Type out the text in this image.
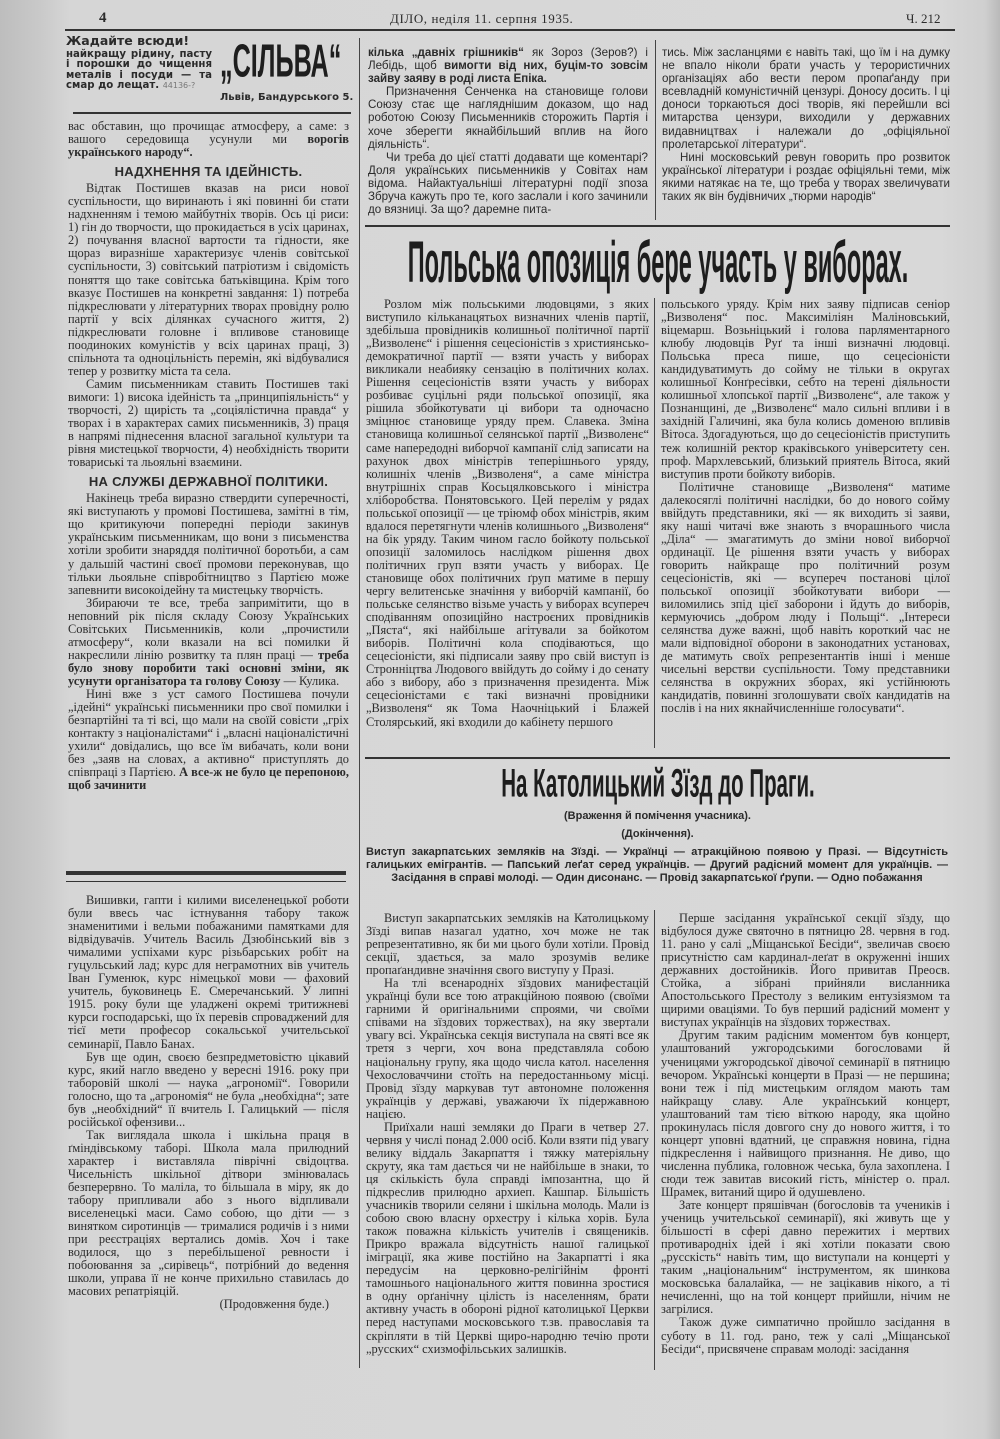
4	ДІЛО, неділя 11. серпня 1935.	Ч. 212
Жадайте всюди!
найкращу рідину, пасту і порошки до чищення металів і посуди — та смар до лещат. 44136-? „СІЛЬВА“
Львів, Бандурського 5.

вас обставин, що прочищає атмосферу, а саме: з вашого середовища усунули ми ворогів українського народу“.

НАДХНЕННЯ ТА ІДЕЙНІСТЬ.

Відтак Постишев вказав на риси нової суспільности, що виринають і які повинні би стати надхненням і темою майбутніх творів. Ось ці риси: 1) гін до творчости, що прокидається в усіх царинах, 2) почування власної вартости та гідности, яке щораз виразніше характеризує членів совітської суспільности, 3) совітський патріотизм і свідомість поняття що таке совітська батьківщина. Крім того вказує Постишев на конкретні завдання: 1) потреба підкреслювати у літературних творах провідну ролю партії у всіх ділянках сучасного життя, 2) підкреслювати головне і впливове становище поодиноких комуністів у всіх царинах праці, 3) спільнота та одноцільність перемін, які відбувалися тепер у розвитку міста та села.

Самим письменникам ставить Постишев такі вимоги: 1) висока ідейність та „принципіяльність“ у творчості, 2) щирість та „соціялістична правда“ у творах і в характерах самих письменників, 3) праця в напрямі піднесення власної загальної культури та рівня мистецької творчости, 4) необхідність творити товариські та льояльні взаємини.

НА СЛУЖБІ ДЕРЖАВНОЇ ПОЛІТИКИ.

Накінець треба виразно ствердити суперечності, які виступають у промові Постишева, замітні в тім, що критикуючи попередні періоди закинув українським письменникам, що вони з письменства хотіли зробити знаряддя політичної боротьби, а сам у дальшій частині своєї промови переконував, що тільки льояльне співробітництво з Партією може запевнити високоідейну та мистецьку творчість.

Збираючи те все, треба запримітити, що в неповний рік після складу Союзу Українських Совітських Письменників, коли „прочистили атмосферу“, коли вказали на всі помилки й накреслили лінію розвитку та плян праці — треба було знову поробити такі основні зміни, як усунути організатора та голову Союзу — Кулика.

Нині вже з уст самого Постишева почули „ідейні“ українські письменники про свої помилки і безпартійні та ті всі, що мали на своїй совісти „гріх контакту з націоналістами“ і „власні націоналістичні ухили“ довідались, що все їм вибачать, коли вони без „заяв на словах, а активно“ приступлять до співпраці з Партією. А все-ж не було це перепоною, щоб зачинити

Вишивки, гапти і килими виселенецької роботи були ввесь час істнування табору також знаменитими і вельми побажаними памятками для відвідувачів. Учитель Василь Дзюбінський вів з чималими успіхами курс різьбарських робіт на гуцульський лад; курс для неграмотних вів учитель Іван Гуменюк, курс німецької мови — фаховий учитель, буковинець Е. Смеречанський. У липні 1915. року були ще уладжені окремі тритижневі курси господарські, що їх перевів спроваджений для тієї мети професор сокальської учительської семинарії, Павло Банах.

Був ще один, своєю безпредметовістю цікавий курс, який нагло введено у вересні 1916. року при таборовій школі — наука „агрономії“. Говорили голосно, що та „агрономія“ не була „необхідна“; зате був „необхідний“ її вчитель І. Галицький — після російської офензиви...

Так виглядала школа і шкільна праця в ґміндівському таборі. Школа мала прилюдний характер і виставляла піврічні свідоцтва. Чисельність шкільної дітвори змінювалась безперервно. То маліла, то більшала в міру, як до табору припливали або з нього відпливали виселенецькі маси. Само собою, що діти — з винятком сиротинців — трималися родичів і з ними при реєстраціях вертались домів. Хоч і таке водилося, що з перебільшеної ревности і побоювання за „сирівець“, потрібний до ведення школи, управа її не конче прихильно ставилась до масових репатріяцій.

(Продовження буде.)

кілька „давніх грішників“ як Зороз (Зеров?) і Лебідь, щоб вимогти від них, буцім-то зовсім зайву заяву в роді листа Епіка.

Призначення Сенченка на становище голови Союзу стає ще нагляднішим доказом, що над роботою Союзу Письменників сторожить Партія і хоче зберегти якнайбільший вплив на його діяльність“.

Чи треба до цієї статті додавати ще коментарі? Доля українських письменників у Совітах нам відома. Найактуальніші літературні події зпоза Збруча кажуть про те, кого заслали і кого зачинили до вязниці. За що? даремне пита-

тись. Між засланцями є навіть такі, що їм і на думку не впало ніколи брати участь у терористичних організаціях або вести пером пропаґанду при всевладній комуністичній цензурі. Доносу досить. І ці доноси торкаються досі творів, які перейшли всі митарства цензури, виходили у державних видавництвах і належали до „офіціяльної пролетарської літератури“.

Нині московський ревун говорить про розвиток української літератури і роздає офіціяльні теми, між якими натякає на те, що треба у творах звеличувати таких як він будівничих „тюрми народів“

Польська опозиція бере участь у виборах.

Розлом між польськими людовцями, з яких виступило кільканацятьох визначних членів партії, здебільша провідників колишньої політичної партії „Визволенє“ і рішення сецесіоністів з християнсько-демократичної партії — взяти участь у виборах викликали неабияку сензацію в політичних колах. Рішення сецесіоністів взяти участь у виборах розбиває суцільні ряди польської опозиції, яка рішила збойкотувати ці вибори та одночасно зміцнює становище уряду прем. Славека. Зміна становища колишньої селянської партії „Визволенє“ саме напередодні виборчої кампанії слід записати на рахунок двох міністрів теперішнього уряду, колишніх членів „Визволеня“, а саме міністра внутрішніх справ Косьцялковського і міністра хліборобства. Понятовського. Цей перелім у рядах польської опозиції — це тріюмф обох міністрів, яким вдалося перетягнути членів колишнього „Визволеня“ на бік уряду. Таким чином гасло бойкоту польської опозиції заломилось наслідком рішення двох політичних груп взяти участь у виборах. Це становище обох політичних ґруп матиме в першу чергу велитенське значіння у виборчій кампанії, бо польське селянство візьме участь у виборах всупереч сподіванням опозиційно настроєних провідників „Пяста“, які найбільше агітували за бойкотом виборів. Політичні кола сподіваються, що сецесіоністи, які підписали заяву про свій виступ із Стронніцтва Людового ввійдуть до сойму і до сенату або з вибору, або з призначення президента. Між сецесіоністами є такі визначні провідники „Визволеня“ як Тома Наочніцький і Блажей Столярський, які входили до кабінету першого

польського уряду. Крім них заяву підписав сеніор „Визволеня“ пос. Максиміліян Маліновський, віцемарш. Возьніцький і голова парляментарного клюбу людовців Руґ та інші визначні людовці. Польська преса пише, що сецесіоністи кандидуватимуть до сойму не тільки в округах колишньої Конґресівки, себто на терені діяльности колишньої хлопської партії „Визволенє“, але також у Познанщині, де „Визволенє“ мало сильні впливи і в західній Галичині, яка була колись доменою впливів Вітоса. Здогадуються, що до сецесіоністів приступить теж колишній ректор краківського університету сен. проф. Мархлевський, близький приятель Вітоса, який виступив проти бойкоту виборів.

Політичне становище „Визволеня“ матиме далекосяглі політичні наслідки, бо до нового сойму ввійдуть представники, які — як виходить зі заяви, яку наші читачі вже знають з вчорашнього числа „Діла“ — змагатимуть до зміни нової виборчої ординації. Це рішення взяти участь у виборах говорить найкраще про політичний розум сецесіоністів, які — всупереч постанові цілої польської опозиції збойкотувати вибори — виломились зпід цієї заборони і йдуть до виборів, кермуючись „добром люду і Польщі“. „Інтереси селянства дуже важні, щоб навіть короткий час не мали відповідної оборони в законодатних установах, де матимуть своїх репрезентантів інші і менше чисельні верстви суспільности. Тому представники селянства в окружних зборах, які устійнюють кандидатів, повинні зголошувати своїх кандидатів на послів і на них якнайчисленніше голосувати“.

На Католицький Зїзд до Праги.
(Враження й помічення учасника).
(Докінчення).
Виступ закарпатських земляків на Зїзді. — Українці — атракційною появою у Празі. — Відсутність галицьких емігрантів. — Папський леґат серед українців. — Другий радісний момент для українців. — Засідання в справі молоді. — Один дисонанс. — Провід закарпатської ґрупи. — Одно побажання

Виступ закарпатських земляків на Католицькому Зїзді випав назагал удатно, хоч може не так репрезентативно, як би ми цього були хотіли. Провід секції, здається, за мало зрозумів велике пропаґандивне значіння свого виступу у Празі.

На тлі всенародніх зїздових манифестацій українці були все тою атракційною появою (своїми гарними й оригінальними спроями, чи своїми співами на зїздових торжествах), на яку звертали увагу всі. Українська секція виступала на святі все як третя з черги, хоч вона представляла собою національну групу, яка щодо числа катол. населення Чехословаччини стоїть на передостанньому місці. Провід зїзду маркував тут автономне положення українців у державі, уважаючи їх підержавною нацією.

Приїхали наші земляки до Праги в четвер 27. червня у числі понад 2.000 осіб. Коли взяти під увагу велику віддаль Закарпаття і тяжку матеріяльну скруту, яка там дається чи не найбільше в знаки, то ця скількість була справді імпозантна, що й підкреслив прилюдно архиеп. Кашпар. Більшість учасників творили селяни і шкільна молодь. Мали із собою свою власну орхестру і кілька хорів. Була також поважна кількість учителів і священиків. Прикро вражала відсутність нашої галицької іміграції, яка живе постійно на Закарпатті і яка передусім на церковно-релігійнім фронті тамошнього національного життя повинна зростися в одну орґанічну цілість із населенням, брати активну участь в обороні рідної католицької Церкви перед наступами московського т.зв. православія та скріпляти в тій Церкві щиро-народню течію проти „русских“ схизмофільських залишків.

Перше засідання української секції зїзду, що відбулося дуже святочно в пятницю 28. червня в год. 11. рано у салі „Міщанської Бесіди“, звеличав своєю присутністю сам кардинал-леґат в окруженні інших державних достойників. Його привитав Преосв. Стойка, а зібрані прийняли висланника Апостольського Престолу з великим ентузіязмом та щирими оваціями. То був перший радісний момент у виступах українців на зїздових торжествах.

Другим таким радісним моментом був концерт, улаштований ужгородськими богословами й ученицями ужгородської дівочої семинарії в пятницю вечором. Українські концерти в Празі — не першина; вони теж і під мистецьким оглядом мають там найкращу славу. Але український концерт, улаштований там тією віткою народу, яка щойно прокинулась після довгого сну до нового життя, і то концерт уповні вдатний, це справжня новина, гідна підкреслення і найвищого признання. Не диво, що численна публика, головнож чеська, була захоплена. І сюди теж завитав високий гість, міністер о. прал. Шрамек, витаний щиро й одушевлено.

Зате концерт пряшівчан (богословів та учеників і учениць учительської семинарії), які живуть ще у більшості в сфері давно пережитих і мертвих противародніх ідей і які хотіли показати свою „русскість“ навіть тим, що виступали на концерті у таким „національним“ інструментом, як шинкова московська балалайка, — не зацікавив нікого, а ті нечисленні, що на той концерт прийшли, нічим не загрілися.

Також дуже симпатично пройшло засідання в суботу в 11. год. рано, теж у салі „Міщанської Бесіди“, присвячене справам молоді: засідання
